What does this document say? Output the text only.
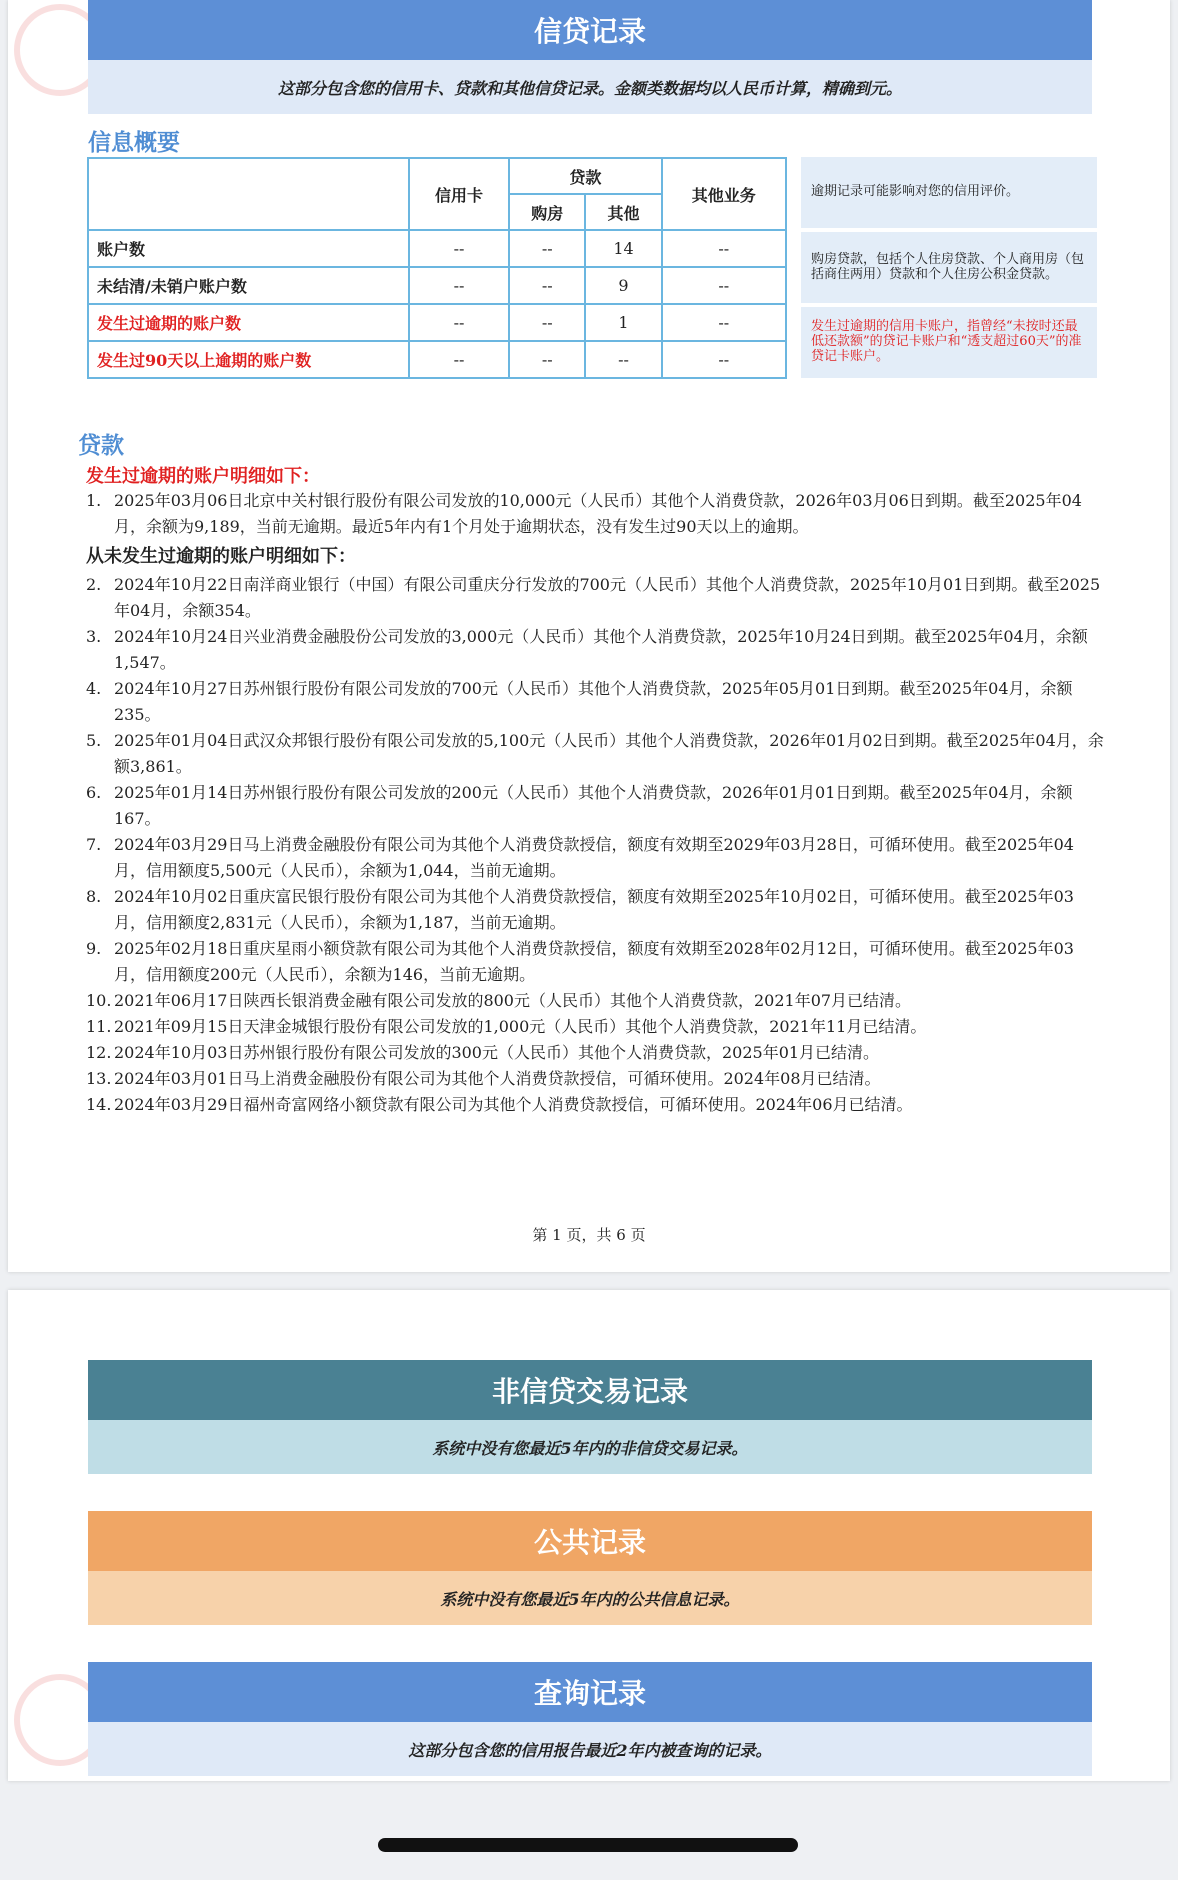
信贷记录
这部分包含您的信用卡、贷款和其他信贷记录。金额类数据均以人民币计算，精确到元。
信息概要
	信用卡	贷款		其他业务
		购房	其他	
账户数	--	--	14	--
未结清/未销户账户数	--	--	9	--
发生过逾期的账户数	--	--	1	--
发生过90天以上逾期的账户数	--	--	--	--
逾期记录可能影响对您的信用评价。
购房贷款，包括个人住房贷款、个人商用房（包括商住两用）贷款和个人住房公积金贷款。
发生过逾期的信用卡账户，指曾经“未按时还最低还款额”的贷记卡账户和“透支超过60天”的准贷记卡账户。
贷款
发生过逾期的账户明细如下：
1. 2025年03月06日北京中关村银行股份有限公司发放的10,000元（人民币）其他个人消费贷款，2026年03月06日到期。截至2025年04月，余额为9,189，当前无逾期。最近5年内有1个月处于逾期状态，没有发生过90天以上的逾期。
从未发生过逾期的账户明细如下：
2. 2024年10月22日南洋商业银行（中国）有限公司重庆分行发放的700元（人民币）其他个人消费贷款，2025年10月01日到期。截至2025年04月，余额354。
3. 2024年10月24日兴业消费金融股份公司发放的3,000元（人民币）其他个人消费贷款，2025年10月24日到期。截至2025年04月，余额1,547。
4. 2024年10月27日苏州银行股份有限公司发放的700元（人民币）其他个人消费贷款，2025年05月01日到期。截至2025年04月，余额235。
5. 2025年01月04日武汉众邦银行股份有限公司发放的5,100元（人民币）其他个人消费贷款，2026年01月02日到期。截至2025年04月，余额3,861。
6. 2025年01月14日苏州银行股份有限公司发放的200元（人民币）其他个人消费贷款，2026年01月01日到期。截至2025年04月，余额167。
7. 2024年03月29日马上消费金融股份有限公司为其他个人消费贷款授信，额度有效期至2029年03月28日，可循环使用。截至2025年04月，信用额度5,500元（人民币），余额为1,044，当前无逾期。
8. 2024年10月02日重庆富民银行股份有限公司为其他个人消费贷款授信，额度有效期至2025年10月02日，可循环使用。截至2025年03月，信用额度2,831元（人民币），余额为1,187，当前无逾期。
9. 2025年02月18日重庆星雨小额贷款有限公司为其他个人消费贷款授信，额度有效期至2028年02月12日，可循环使用。截至2025年03月，信用额度200元（人民币），余额为146，当前无逾期。
10. 2021年06月17日陕西长银消费金融有限公司发放的800元（人民币）其他个人消费贷款，2021年07月已结清。
11. 2021年09月15日天津金城银行股份有限公司发放的1,000元（人民币）其他个人消费贷款，2021年11月已结清。
12. 2024年10月03日苏州银行股份有限公司发放的300元（人民币）其他个人消费贷款，2025年01月已结清。
13. 2024年03月01日马上消费金融股份有限公司为其他个人消费贷款授信，可循环使用。2024年08月已结清。
14. 2024年03月29日福州奇富网络小额贷款有限公司为其他个人消费贷款授信，可循环使用。2024年06月已结清。
第 1 页，共 6 页
非信贷交易记录
系统中没有您最近5年内的非信贷交易记录。
公共记录
系统中没有您最近5年内的公共信息记录。
查询记录
这部分包含您的信用报告最近2年内被查询的记录。
